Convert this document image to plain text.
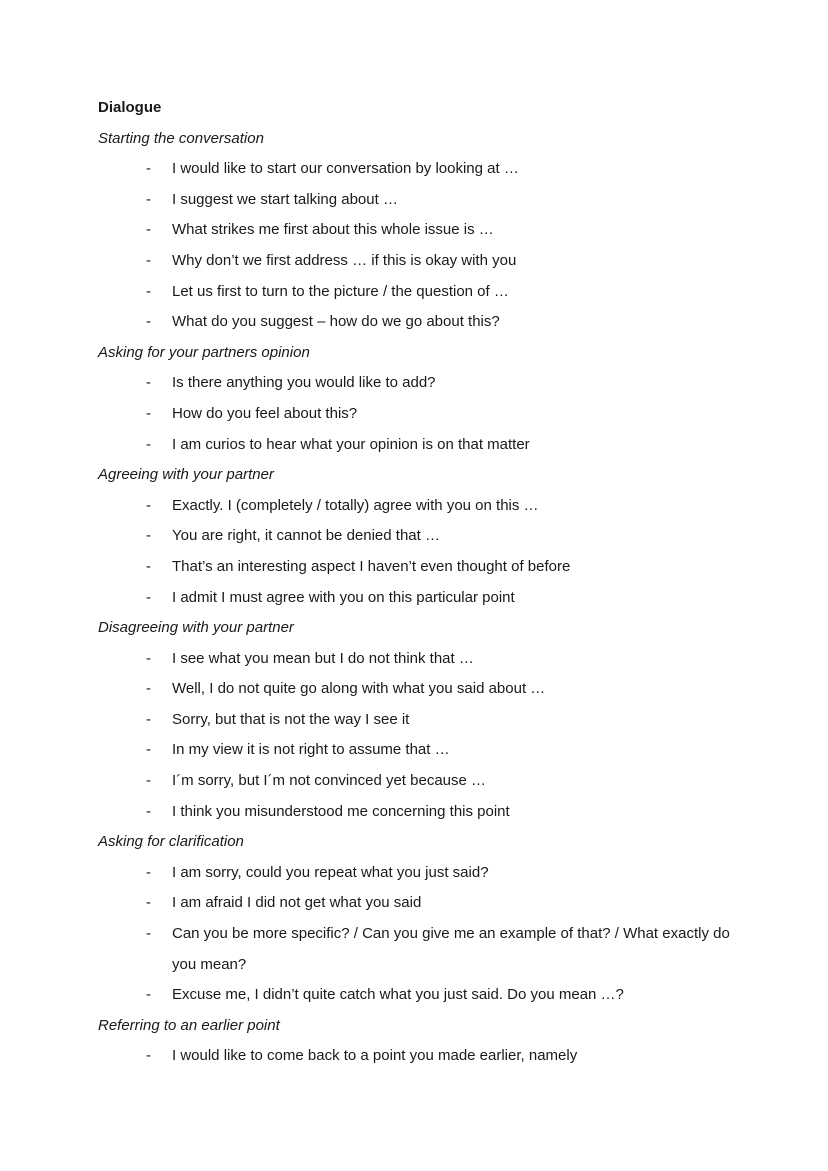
Dialogue
Starting the conversation
- I would like to start our conversation by looking at …
- I suggest we start talking about …
- What strikes me first about this whole issue is …
- Why don’t we first address … if this is okay with you
- Let us first to turn to the picture / the question of …
- What do you suggest – how do we go about this?
Asking for your partners opinion
- Is there anything you would like to add?
- How do you feel about this?
- I am curios to hear what your opinion is on that matter
Agreeing with your partner
- Exactly. I (completely / totally) agree with you on this …
- You are right, it cannot be denied that …
- That’s an interesting aspect I haven’t even thought of before
- I admit I must agree with you on this particular point
Disagreeing with your partner
- I see what you mean but I do not think that …
- Well, I do not quite go along with what you said about …
- Sorry, but that is not the way I see it
- In my view it is not right to assume that …
- I´m sorry, but I´m not convinced yet because …
- I think you misunderstood me concerning this point
Asking for clarification
- I am sorry, could you repeat what you just said?
- I am afraid I did not get what you said
- Can you be more specific? / Can you give me an example of that? / What exactly do you mean?
- Excuse me, I didn’t quite catch what you just said. Do you mean …?
Referring to an earlier point
- I would like to come back to a point you made earlier, namely
